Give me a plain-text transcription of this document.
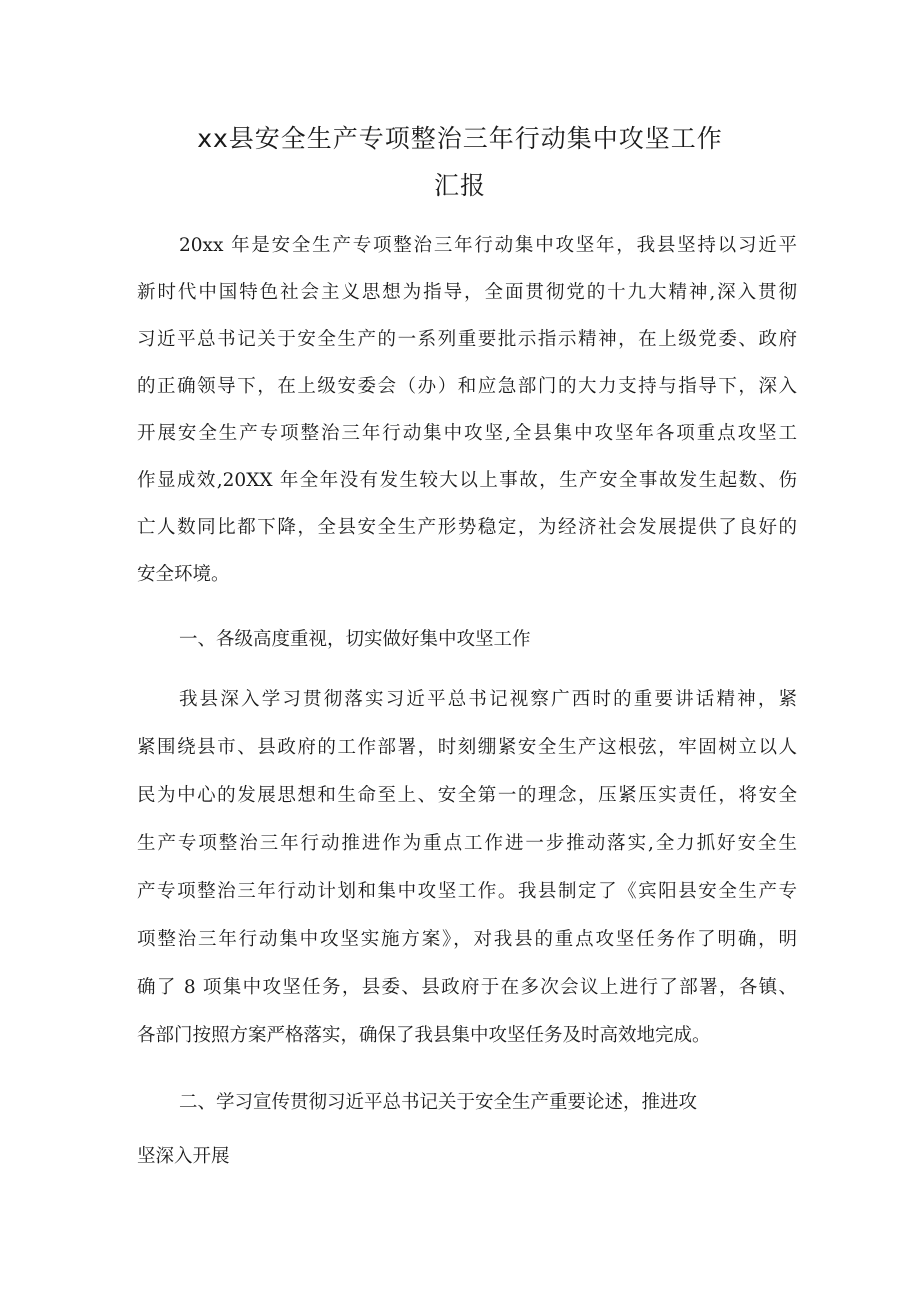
xx县安全生产专项整治三年行动集中攻坚工作
汇报
20xx 年是安全生产专项整治三年行动集中攻坚年，我县坚持以习近平
新时代中国特色社会主义思想为指导，全面贯彻党的十九大精神,深入贯彻
习近平总书记关于安全生产的一系列重要批示指示精神，在上级党委、政府
的正确领导下，在上级安委会（办）和应急部门的大力支持与指导下，深入
开展安全生产专项整治三年行动集中攻坚,全县集中攻坚年各项重点攻坚工
作显成效,20XX 年全年没有发生较大以上事故，生产安全事故发生起数、伤
亡人数同比都下降，全县安全生产形势稳定，为经济社会发展提供了良好的
安全环境。
一、各级高度重视，切实做好集中攻坚工作
我县深入学习贯彻落实习近平总书记视察广西时的重要讲话精神，紧
紧围绕县市、县政府的工作部署，时刻绷紧安全生产这根弦，牢固树立以人
民为中心的发展思想和生命至上、安全第一的理念，压紧压实责任，将安全
生产专项整治三年行动推进作为重点工作进一步推动落实,全力抓好安全生
产专项整治三年行动计划和集中攻坚工作。我县制定了《宾阳县安全生产专
项整治三年行动集中攻坚实施方案》，对我县的重点攻坚任务作了明确，明
确了 8 项集中攻坚任务，县委、县政府于在多次会议上进行了部署，各镇、
各部门按照方案严格落实，确保了我县集中攻坚任务及时高效地完成。
二、学习宣传贯彻习近平总书记关于安全生产重要论述，推进攻
坚深入开展
